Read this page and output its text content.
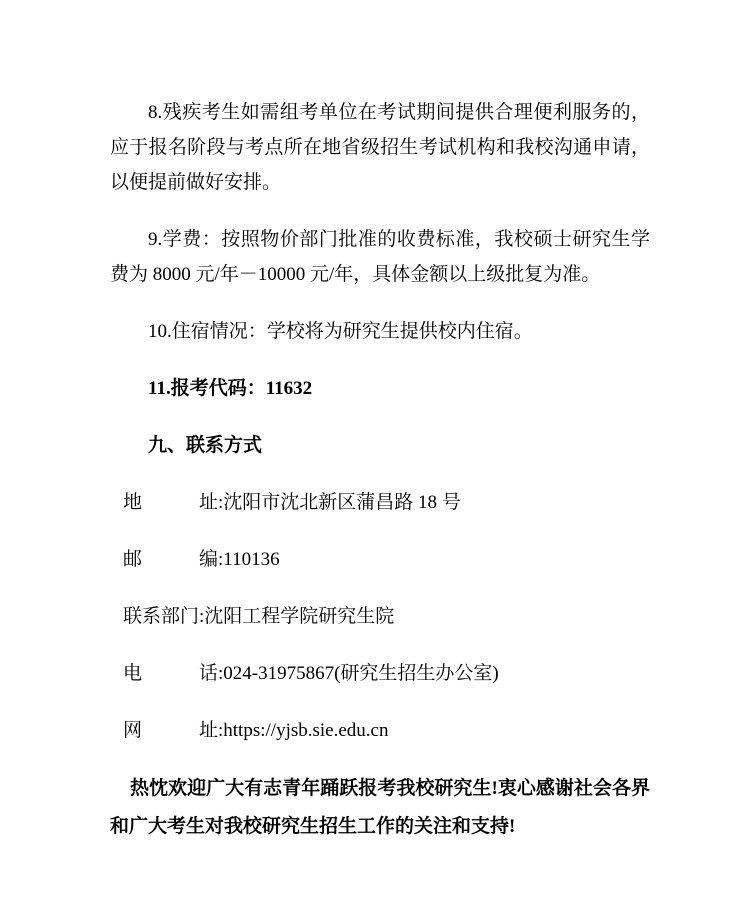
8.残疾考生如需组考单位在考试期间提供合理便利服务的，应于报名阶段与考点所在地省级招生考试机构和我校沟通申请，以便提前做好安排。

9.学费：按照物价部门批准的收费标准，我校硕士研究生学费为 8000 元/年－10000 元/年，具体金额以上级批复为准。

10.住宿情况：学校将为研究生提供校内住宿。

11.报考代码：11632

九、联系方式

地　　　址:沈阳市沈北新区蒲昌路 18 号

邮　　　编:110136

联系部门:沈阳工程学院研究生院

电　　　话:024-31975867(研究生招生办公室)

网　　　址:https://yjsb.sie.edu.cn

热忱欢迎广大有志青年踊跃报考我校研究生!衷心感谢社会各界和广大考生对我校研究生招生工作的关注和支持!
